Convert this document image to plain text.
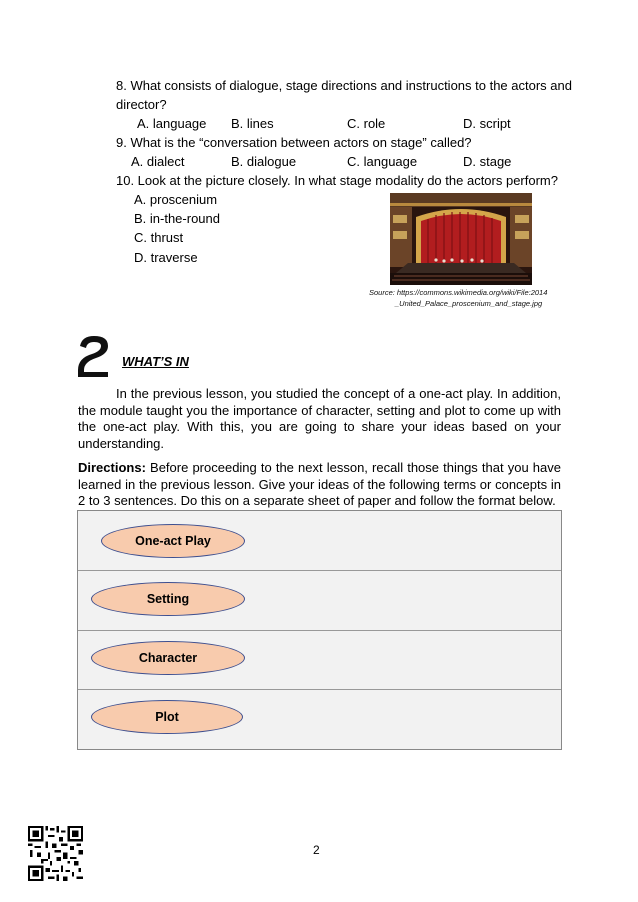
8. What consists of dialogue, stage directions and instructions to the actors and
director?
A. language B. lines	C. role	D. script
9. What is the “conversation between actors on stage” called?
A. dialect	B. dialogue	C. language	D. stage
10. Look at the picture closely. In what stage modality do the actors perform?
A. proscenium
B. in-the-round
C. thrust
D. traverse
Source: https://commons.wikimedia.org/wiki/File:2014
_United_Palace_proscenium_and_stage.jpg
WHAT’S IN
In the previous lesson, you studied the concept of a one-act play. In addition, the module taught you the importance of character, setting and plot to come up with the one-act play. With this, you are going to share your ideas based on your understanding.
Directions: Before proceeding to the next lesson, recall those things that you have learned in the previous lesson. Give your ideas of the following terms or concepts in 2 to 3 sentences. Do this on a separate sheet of paper and follow the format below.
One-act Play
Setting
Character
Plot
2
